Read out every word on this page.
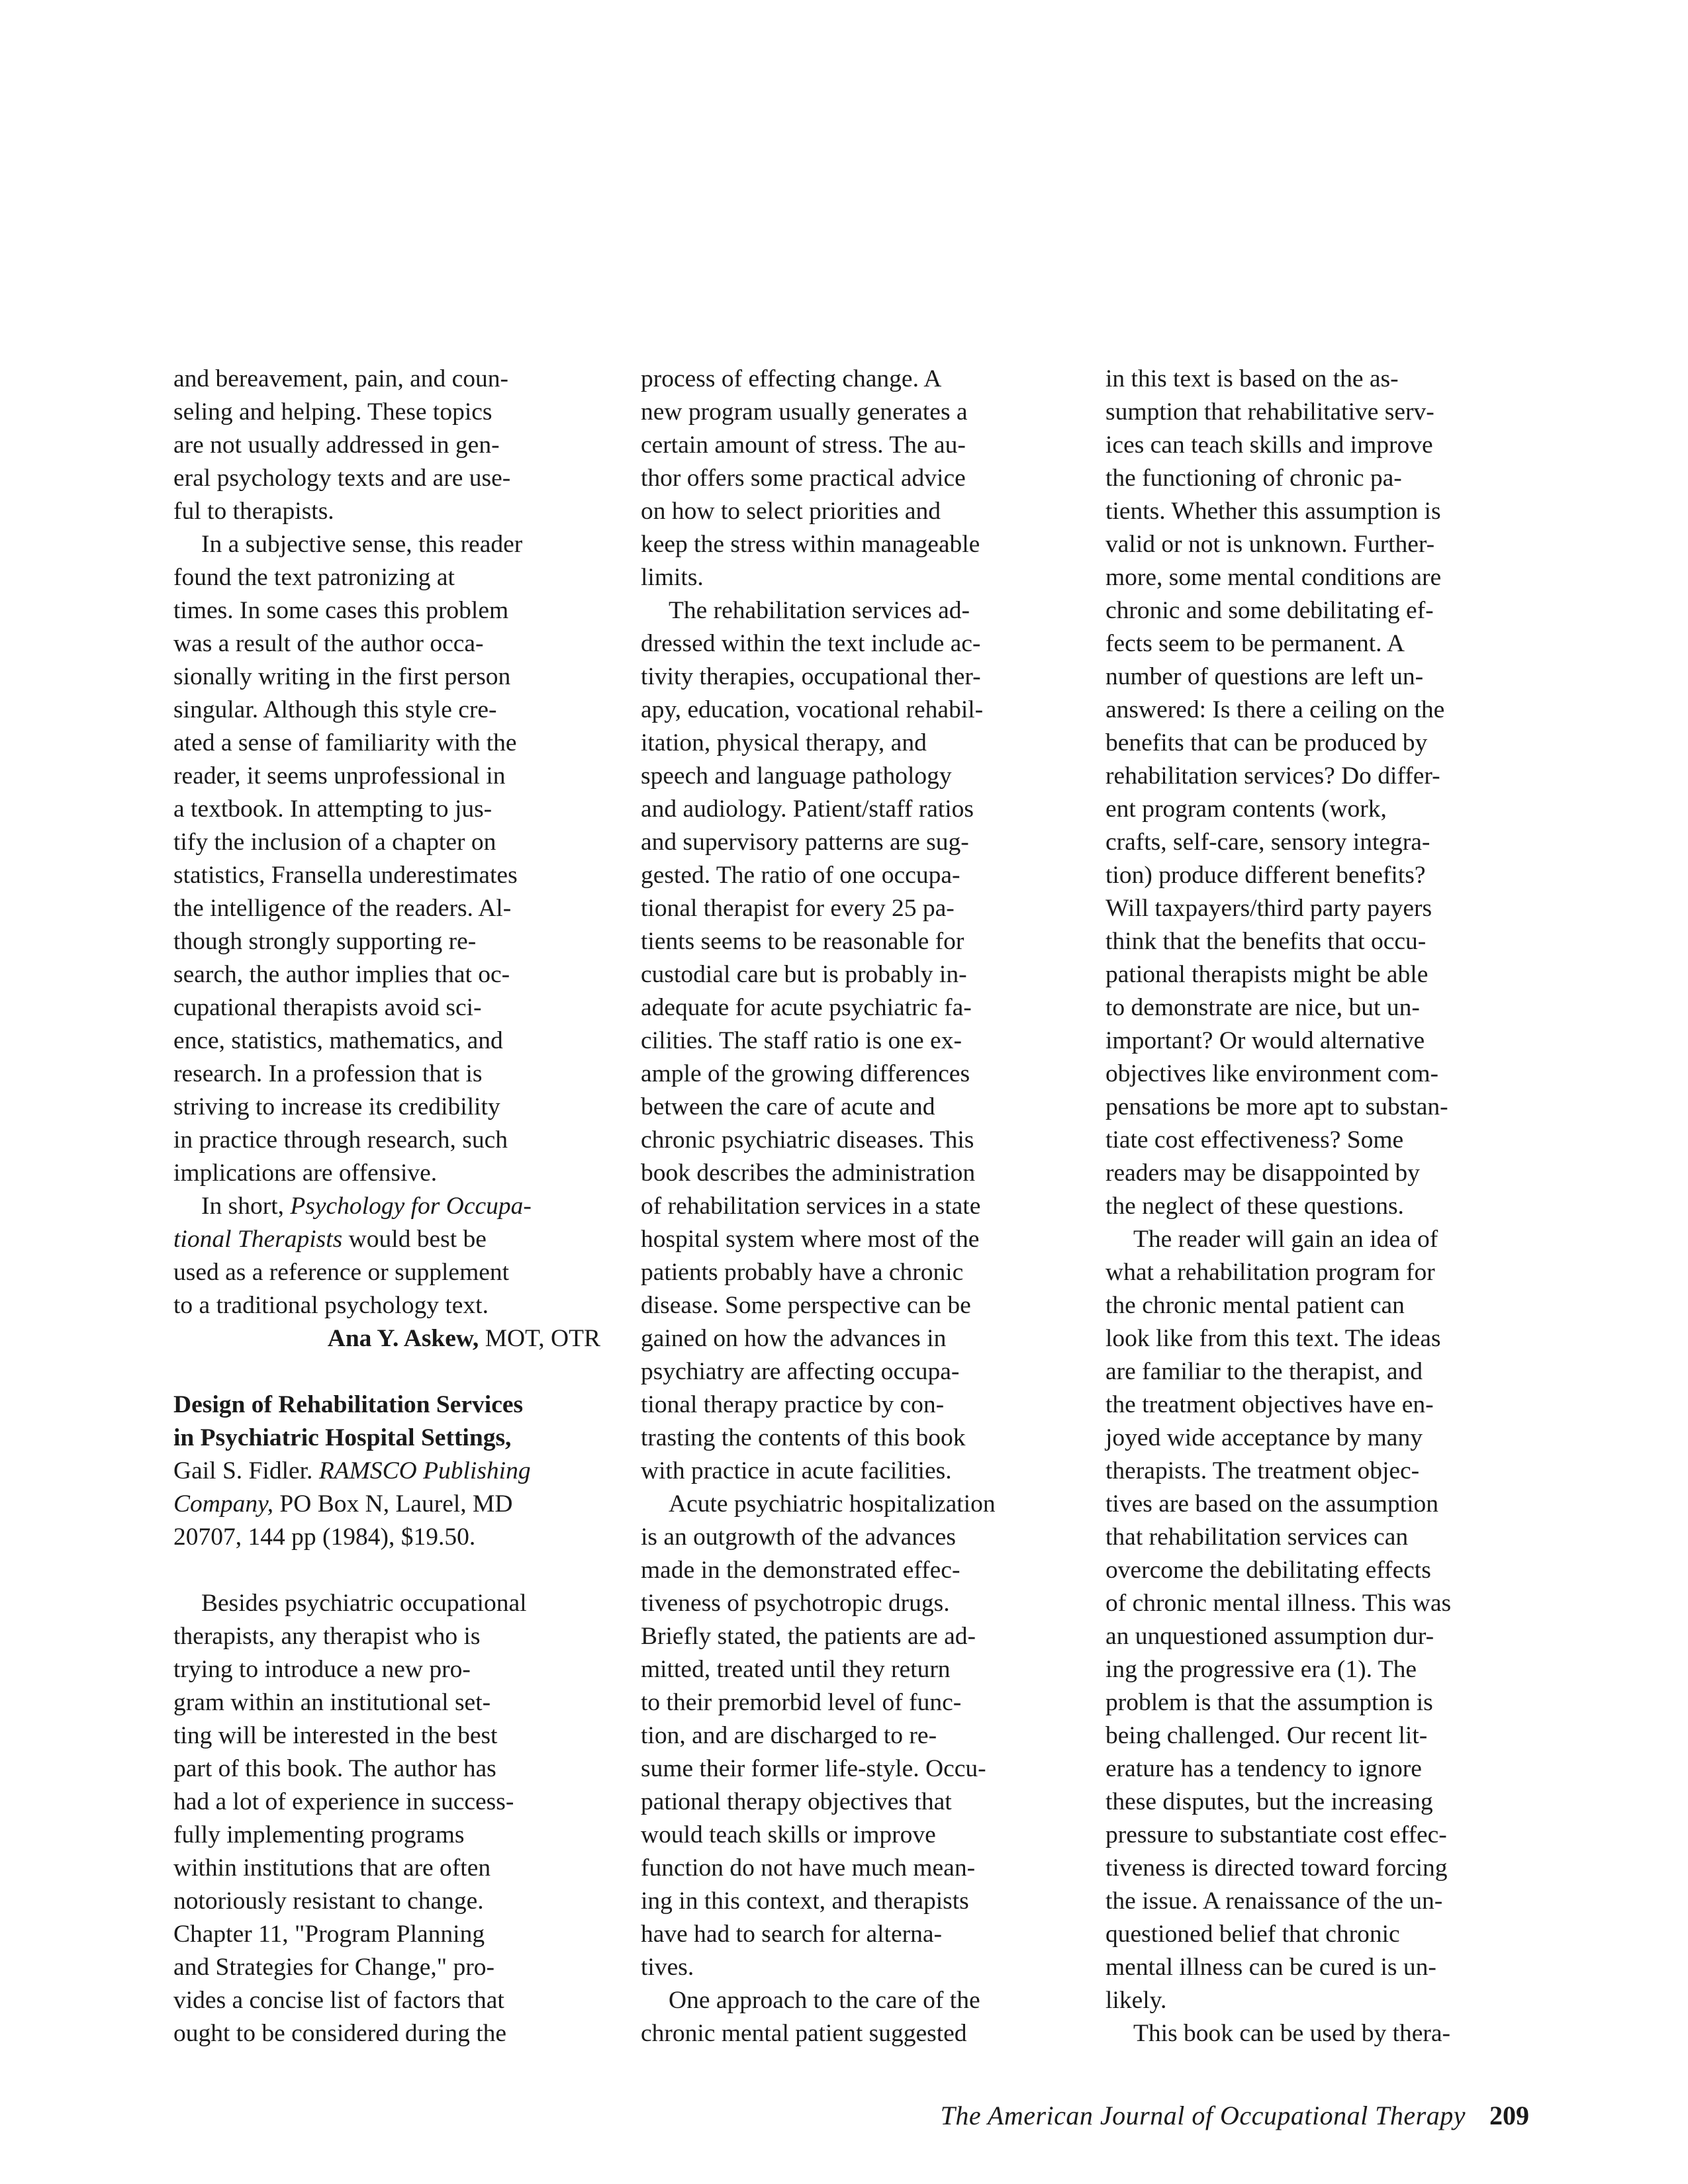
and bereavement, pain, and coun-
seling and helping. These topics
are not usually addressed in gen-
eral psychology texts and are use-
ful to therapists.
In a subjective sense, this reader
found the text patronizing at
times. In some cases this problem
was a result of the author occa-
sionally writing in the first person
singular. Although this style cre-
ated a sense of familiarity with the
reader, it seems unprofessional in
a textbook. In attempting to jus-
tify the inclusion of a chapter on
statistics, Fransella underestimates
the intelligence of the readers. Al-
though strongly supporting re-
search, the author implies that oc-
cupational therapists avoid sci-
ence, statistics, mathematics, and
research. In a profession that is
striving to increase its credibility
in practice through research, such
implications are offensive.
In short, Psychology for Occupa-
tional Therapists would best be
used as a reference or supplement
to a traditional psychology text.
Ana Y. Askew, MOT, OTR
Design of Rehabilitation Services
in Psychiatric Hospital Settings,
Gail S. Fidler. RAMSCO Publishing
Company, PO Box N, Laurel, MD
20707, 144 pp (1984), $19.50.
Besides psychiatric occupational
therapists, any therapist who is
trying to introduce a new pro-
gram within an institutional set-
ting will be interested in the best
part of this book. The author has
had a lot of experience in success-
fully implementing programs
within institutions that are often
notoriously resistant to change.
Chapter 11, "Program Planning
and Strategies for Change," pro-
vides a concise list of factors that
ought to be considered during the
process of effecting change. A
new program usually generates a
certain amount of stress. The au-
thor offers some practical advice
on how to select priorities and
keep the stress within manageable
limits.
The rehabilitation services ad-
dressed within the text include ac-
tivity therapies, occupational ther-
apy, education, vocational rehabil-
itation, physical therapy, and
speech and language pathology
and audiology. Patient/staff ratios
and supervisory patterns are sug-
gested. The ratio of one occupa-
tional therapist for every 25 pa-
tients seems to be reasonable for
custodial care but is probably in-
adequate for acute psychiatric fa-
cilities. The staff ratio is one ex-
ample of the growing differences
between the care of acute and
chronic psychiatric diseases. This
book describes the administration
of rehabilitation services in a state
hospital system where most of the
patients probably have a chronic
disease. Some perspective can be
gained on how the advances in
psychiatry are affecting occupa-
tional therapy practice by con-
trasting the contents of this book
with practice in acute facilities.
Acute psychiatric hospitalization
is an outgrowth of the advances
made in the demonstrated effec-
tiveness of psychotropic drugs.
Briefly stated, the patients are ad-
mitted, treated until they return
to their premorbid level of func-
tion, and are discharged to re-
sume their former life-style. Occu-
pational therapy objectives that
would teach skills or improve
function do not have much mean-
ing in this context, and therapists
have had to search for alterna-
tives.
One approach to the care of the
chronic mental patient suggested
in this text is based on the as-
sumption that rehabilitative serv-
ices can teach skills and improve
the functioning of chronic pa-
tients. Whether this assumption is
valid or not is unknown. Further-
more, some mental conditions are
chronic and some debilitating ef-
fects seem to be permanent. A
number of questions are left un-
answered: Is there a ceiling on the
benefits that can be produced by
rehabilitation services? Do differ-
ent program contents (work,
crafts, self-care, sensory integra-
tion) produce different benefits?
Will taxpayers/third party payers
think that the benefits that occu-
pational therapists might be able
to demonstrate are nice, but un-
important? Or would alternative
objectives like environment com-
pensations be more apt to substan-
tiate cost effectiveness? Some
readers may be disappointed by
the neglect of these questions.
The reader will gain an idea of
what a rehabilitation program for
the chronic mental patient can
look like from this text. The ideas
are familiar to the therapist, and
the treatment objectives have en-
joyed wide acceptance by many
therapists. The treatment objec-
tives are based on the assumption
that rehabilitation services can
overcome the debilitating effects
of chronic mental illness. This was
an unquestioned assumption dur-
ing the progressive era (1). The
problem is that the assumption is
being challenged. Our recent lit-
erature has a tendency to ignore
these disputes, but the increasing
pressure to substantiate cost effec-
tiveness is directed toward forcing
the issue. A renaissance of the un-
questioned belief that chronic
mental illness can be cured is un-
likely.
This book can be used by thera-
The American Journal of Occupational Therapy 209
